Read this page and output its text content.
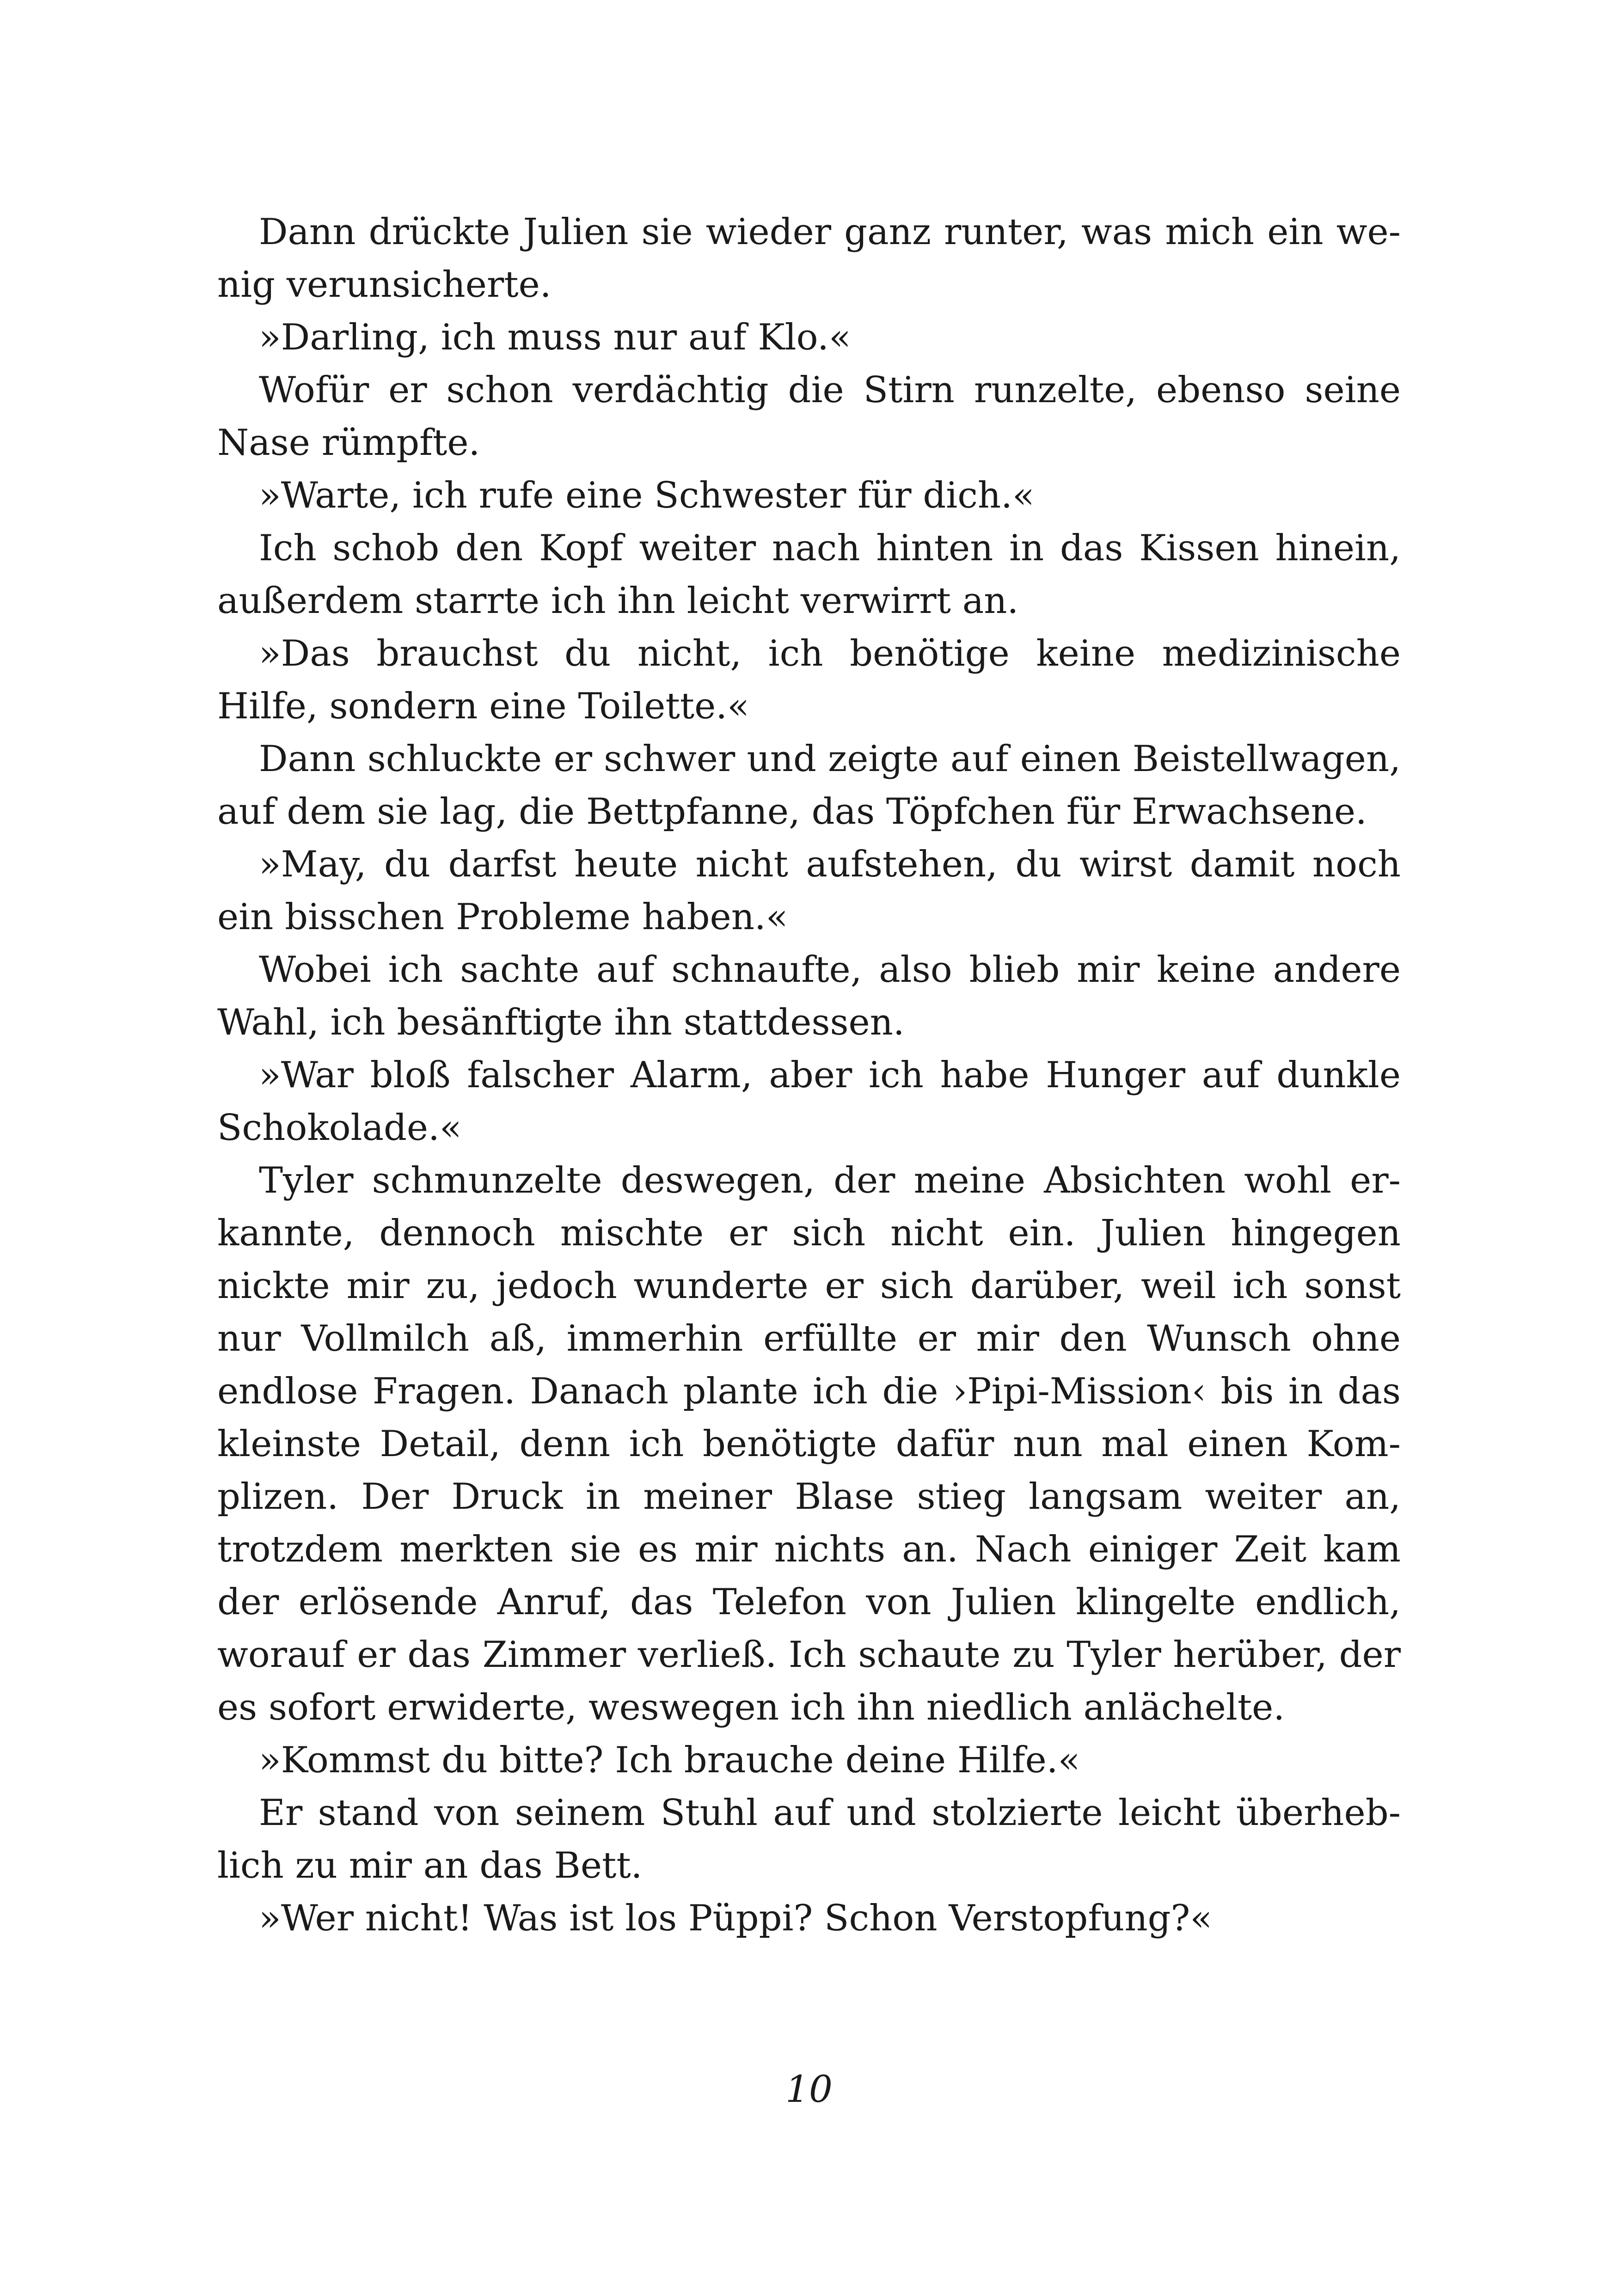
Dann drückte Julien sie wieder ganz runter, was mich ein we-
nig verunsicherte.
»Darling, ich muss nur auf Klo.«
Wofür er schon verdächtig die Stirn runzelte, ebenso seine
Nase rümpfte.
»Warte, ich rufe eine Schwester für dich.«
Ich schob den Kopf weiter nach hinten in das Kissen hinein,
außerdem starrte ich ihn leicht verwirrt an.
»Das brauchst du nicht, ich benötige keine medizinische
Hilfe, sondern eine Toilette.«
Dann schluckte er schwer und zeigte auf einen Beistellwagen,
auf dem sie lag, die Bettpfanne, das Töpfchen für Erwachsene.
»May, du darfst heute nicht aufstehen, du wirst damit noch
ein bisschen Probleme haben.«
Wobei ich sachte auf schnaufte, also blieb mir keine andere
Wahl, ich besänftigte ihn stattdessen.
»War bloß falscher Alarm, aber ich habe Hunger auf dunkle
Schokolade.«
Tyler schmunzelte deswegen, der meine Absichten wohl er-
kannte, dennoch mischte er sich nicht ein. Julien hingegen
nickte mir zu, jedoch wunderte er sich darüber, weil ich sonst
nur Vollmilch aß, immerhin erfüllte er mir den Wunsch ohne
endlose Fragen. Danach plante ich die ›Pipi-Mission‹ bis in das
kleinste Detail, denn ich benötigte dafür nun mal einen Kom-
plizen. Der Druck in meiner Blase stieg langsam weiter an,
trotzdem merkten sie es mir nichts an. Nach einiger Zeit kam
der erlösende Anruf, das Telefon von Julien klingelte endlich,
worauf er das Zimmer verließ. Ich schaute zu Tyler herüber, der
es sofort erwiderte, weswegen ich ihn niedlich anlächelte.
»Kommst du bitte? Ich brauche deine Hilfe.«
Er stand von seinem Stuhl auf und stolzierte leicht überheb-
lich zu mir an das Bett.
»Wer nicht! Was ist los Püppi? Schon Verstopfung?«
10
